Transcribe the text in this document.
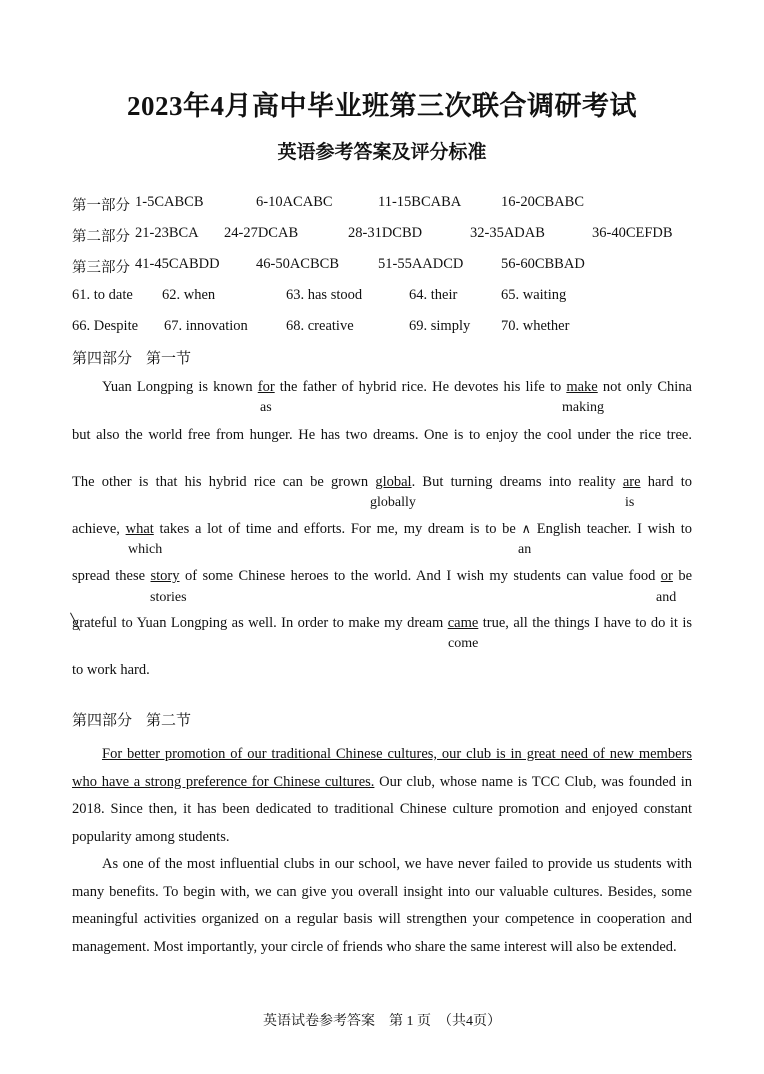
2023年4月高中毕业班第三次联合调研考试
英语参考答案及评分标准
第一部分 1-5CABCB	6-10ACABC	11-15BCABA	16-20CBABC
第二部分 21-23BCA 24-27DCAB	28-31DCBD	32-35ADAB	36-40CEFDB
第三部分 41-45CABDD	46-50ACBCB	51-55AADCD	56-60CBBAD
61. to date 62. when	63. has stood	64. their	65. waiting
66. Despite 67. innovation	68. creative	69. simply 70. whether
第四部分 第一节
Yuan Longping is known for the father of hybrid rice. He devotes his life to make not only China
as	making
but also the world free from hunger. He has two dreams. One is to enjoy the cool under the rice tree.
The other is that his hybrid rice can be grown global. But turning dreams into reality are hard to
globally	is
achieve, what takes a lot of time and efforts. For me, my dream is to be ∧ English teacher. I wish to
which	an
spread these story of some Chinese heroes to the world. And I wish my students can value food or be
stories	and
grateful to Yuan Longping as well. In order to make my dream came true, all the things I have to do it is
come
to work hard.
第四部分 第二节
For better promotion of our traditional Chinese cultures, our club is in great need of new members who have a strong preference for Chinese cultures. Our club, whose name is TCC Club, was founded in 2018. Since then, it has been dedicated to traditional Chinese culture promotion and enjoyed constant popularity among students.
As one of the most influential clubs in our school, we have never failed to provide us students with many benefits. To begin with, we can give you overall insight into our valuable cultures. Besides, some meaningful activities organized on a regular basis will strengthen your competence in cooperation and management. Most importantly, your circle of friends who share the same interest will also be extended.
英语试卷参考答案　第 1 页　（共4页）
